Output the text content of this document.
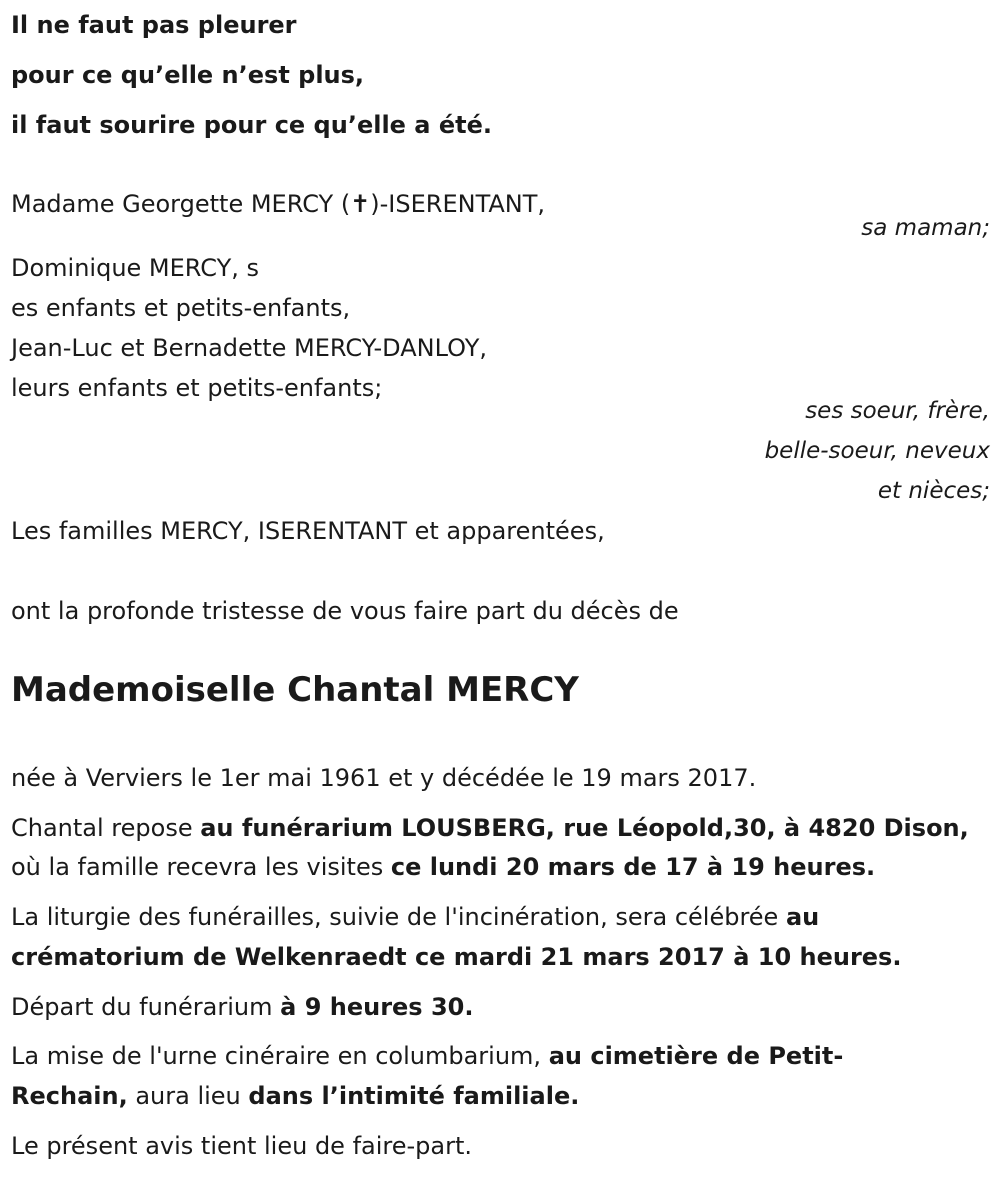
Il ne faut pas pleurer
pour ce qu’elle n’est plus,
il faut sourire pour ce qu’elle a été.
Madame Georgette MERCY (✝)-ISERENTANT,
sa maman;
Dominique MERCY, s
es enfants et petits-enfants,
Jean-Luc et Bernadette MERCY-DANLOY,
leurs enfants et petits-enfants;
ses soeur, frère,
belle-soeur, neveux
et nièces;
Les familles MERCY, ISERENTANT et apparentées,
ont la profonde tristesse de vous faire part du décès de
Mademoiselle Chantal MERCY
née à Verviers le 1er mai 1961 et y décédée le 19 mars 2017.
Chantal repose au funérarium LOUSBERG, rue Léopold,30, à 4820 Dison,
où la famille recevra les visites ce lundi 20 mars de 17 à 19 heures.
La liturgie des funérailles, suivie de l'incinération, sera célébrée au
crématorium de Welkenraedt ce mardi 21 mars 2017 à 10 heures.
Départ du funérarium à 9 heures 30.
La mise de l'urne cinéraire en columbarium, au cimetière de Petit-
Rechain, aura lieu dans l’intimité familiale.
Le présent avis tient lieu de faire-part.
